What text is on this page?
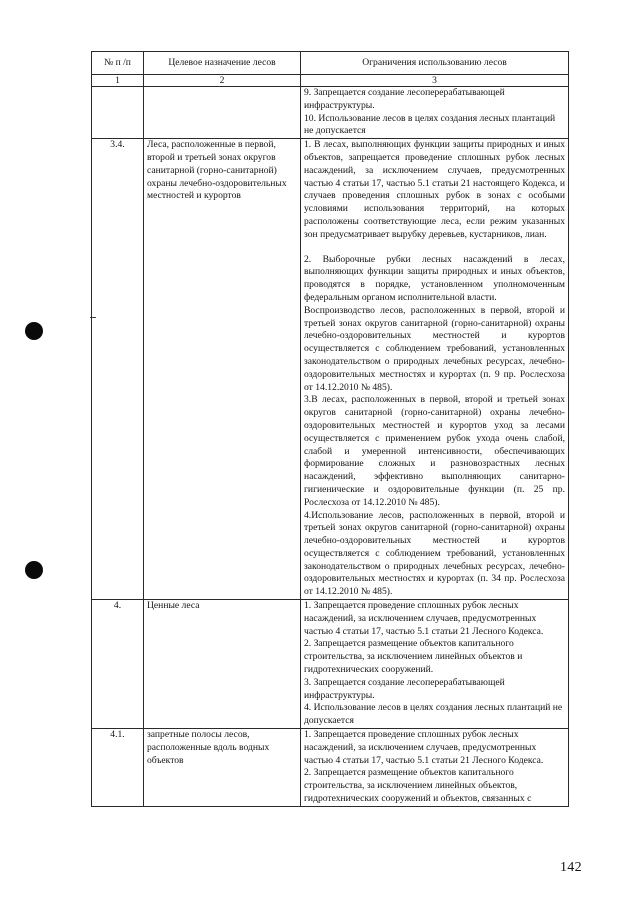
№ п /п	Целевое назначение лесов	Ограничения использованию лесов
1	2	3

		9. Запрещается создание лесоперерабатывающей инфраструктуры.

10. Использование лесов в целях создания лесных плантаций не допускается

3.4.	Леса, расположенные в первой, второй и третьей зонах округов санитарной (горно-санитарной) охраны лечебно-оздоровительных местностей и курортов	1. В лесах, выполняющих функции защиты природных и иных объектов, запрещается проведение сплошных рубок лесных насаждений, за исключением случаев, предусмотренных частью 4 статьи 17, частью 5.1 статьи 21 настоящего Кодекса, и случаев проведения сплошных рубок в зонах с особыми условиями использования территорий, на которых расположены соответствующие леса, если режим указанных зон предусматривает вырубку деревьев, кустарников, лиан.

2. Выборочные рубки лесных насаждений в лесах, выполняющих функции защиты природных и иных объектов, проводятся в порядке, установленном уполномоченным федеральным органом исполнительной власти.

Воспроизводство лесов, расположенных в первой, второй и третьей зонах округов санитарной (горно-санитарной) охраны лечебно-оздоровительных местностей и курортов осуществляется с соблюдением требований, установленных законодательством о природных лечебных ресурсах, лечебно-оздоровительных местностях и курортах (п. 9 пр. Рослесхоза от 14.12.2010 № 485).

3.В лесах, расположенных в первой, второй и третьей зонах округов санитарной (горно-санитарной) охраны лечебно-оздоровительных местностей и курортов уход за лесами осуществляется с применением рубок ухода очень слабой, слабой и умеренной интенсивности, обеспечивающих формирование сложных и разновозрастных лесных насаждений, эффективно выполняющих санитарно-гигиенические и оздоровительные функции (п. 25 пр. Рослесхоза от 14.12.2010 № 485).

4.Использование лесов, расположенных в первой, второй и третьей зонах округов санитарной (горно-санитарной) охраны лечебно-оздоровительных местностей и курортов осуществляется с соблюдением требований, установленных законодательством о природных лечебных ресурсах, лечебно-оздоровительных местностях и курортах (п. 34 пр. Рослесхоза от 14.12.2010 № 485).

4.	Ценные леса	1. Запрещается проведение сплошных рубок лесных насаждений, за исключением случаев, предусмотренных частью 4 статьи 17, частью 5.1 статьи 21 Лесного Кодекса.

2. Запрещается размещение объектов капитального строительства, за исключением линейных объектов и гидротехнических сооружений.

3. Запрещается создание лесоперерабатывающей инфраструктуры.

4. Использование лесов в целях создания лесных плантаций не допускается

4.1.	запретные полосы лесов, расположенные вдоль водных объектов	1. Запрещается проведение сплошных рубок лесных насаждений, за исключением случаев, предусмотренных частью 4 статьи 17, частью 5.1 статьи 21 Лесного Кодекса.

2. Запрещается размещение объектов капитального строительства, за исключением линейных объектов, гидротехнических сооружений и объектов, связанных с

142
